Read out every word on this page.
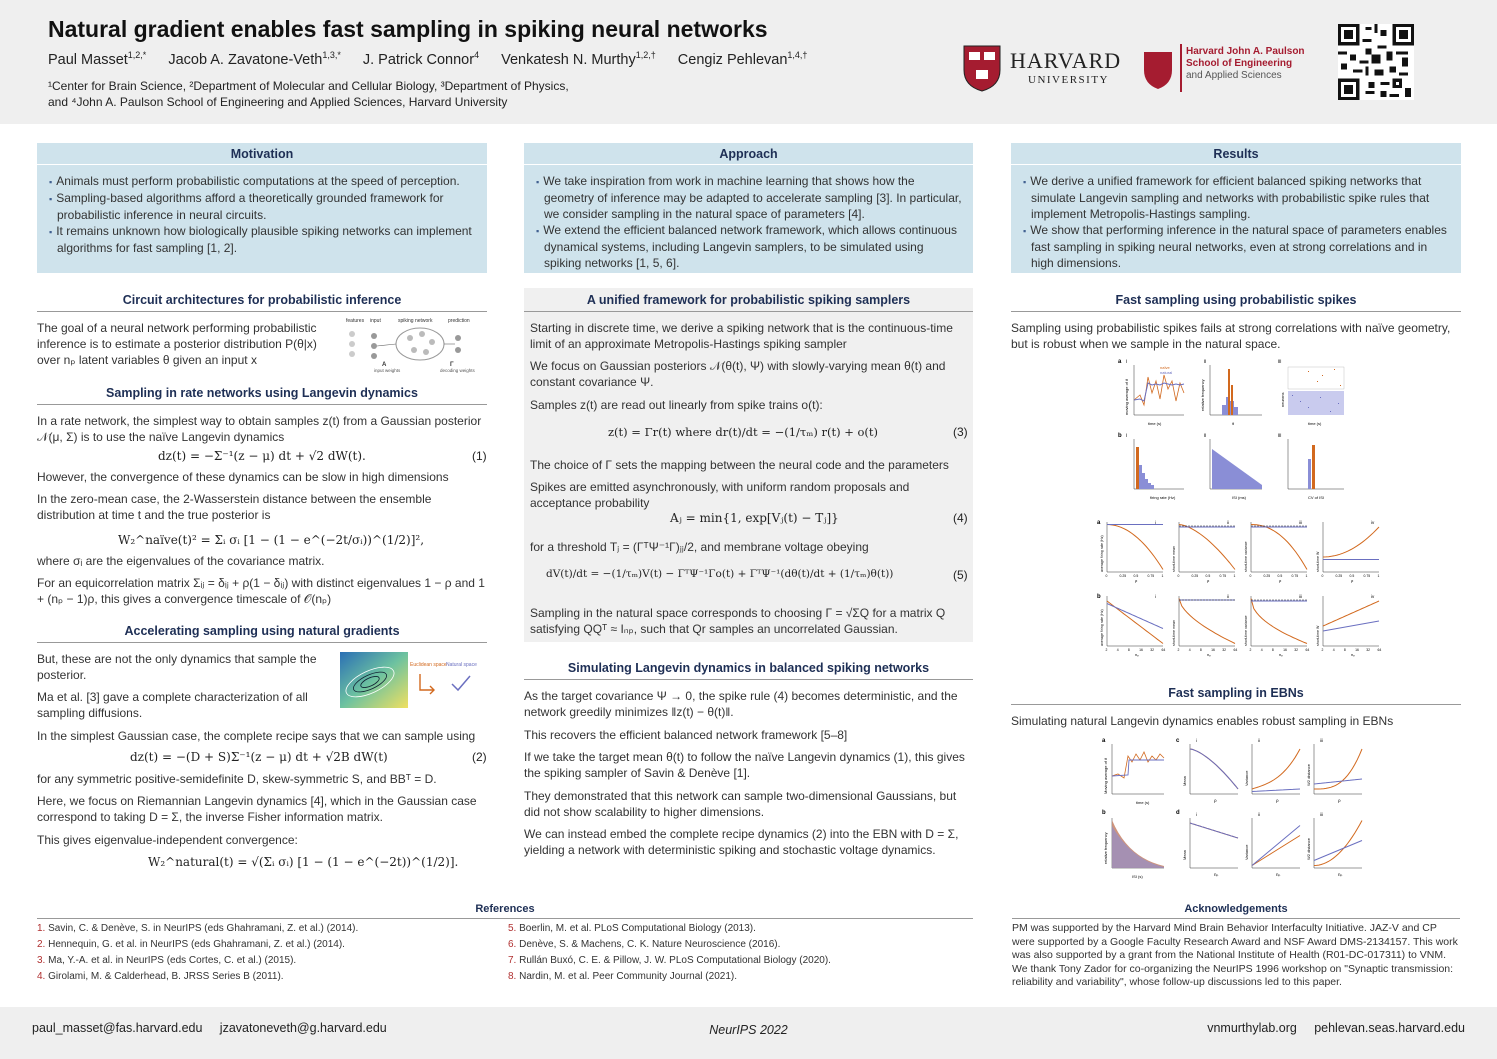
Natural gradient enables fast sampling in spiking neural networks
Paul Masset$^{1,2,*}$ Jacob A. Zavatone-Veth$^{1,3,*}$ J. Patrick Connor$^4$ Venkatesh N. Murthy$^{1,2,\dagger}$ Cengiz Pehlevan$^{1,4,\dagger}$
¹Center for Brain Science, ²Department of Molecular and Cellular Biology, ³Department of Physics,
and ⁴John A. Paulson School of Engineering and Applied Sciences, Harvard University
HARVARD
UNIVERSITY
Harvard John A. Paulson
School of Engineering
and Applied Sciences
Motivation
▪ Animals must perform probabilistic computations at the speed of perception.
▪ Sampling-based algorithms afford a theoretically grounded framework for probabilistic inference in neural circuits.
▪ It remains unknown how biologically plausible spiking networks can implement algorithms for fast sampling [1, 2].
Approach
▪ We take inspiration from work in machine learning that shows how the geometry of inference may be adapted to accelerate sampling [3]. In particular, we consider sampling in the natural space of parameters [4].
▪ We extend the efficient balanced network framework, which allows continuous dynamical systems, including Langevin samplers, to be simulated using spiking networks [1, 5, 6].
Results
▪ We derive a unified framework for efficient balanced spiking networks that simulate Langevin sampling and networks with probabilistic spike rules that implement Metropolis-Hastings sampling.
▪ We show that performing inference in the natural space of parameters enables fast sampling in spiking neural networks, even at strong correlations and in high dimensions.
Circuit architectures for probabilistic inference
The goal of a neural network performing probabilistic inference is to estimate a posterior distribution P(θ|x) over nₚ latent variables θ given an input x
features input	spiking network	prediction
A
input weights
Γ
decoding weights
Sampling in rate networks using Langevin dynamics
In a rate network, the simplest way to obtain samples z(t) from a Gaussian posterior 𝒩(μ, Σ) is to use the naïve Langevin dynamics
dz(t) = −Σ⁻¹(z − μ) dt + √2 dW(t).	(1)
However, the convergence of these dynamics can be slow in high dimensions
In the zero-mean case, the 2-Wasserstein distance between the ensemble distribution at time t and the true posterior is
W₂^naïve(t)² = Σᵢ σᵢ [1 − (1 − e^(−2t/σᵢ))^(1/2)]²,
where σᵢ are the eigenvalues of the covariance matrix.
For an equicorrelation matrix Σᵢⱼ = δᵢⱼ + ρ(1 − δᵢⱼ) with distinct eigenvalues 1 − ρ and 1 + (nₚ − 1)ρ, this gives a convergence timescale of 𝒪(nₚ)
Accelerating sampling using natural gradients
But, these are not the only dynamics that sample the posterior.
Ma et al. [3] gave a complete characterization of all sampling diffusions.
Euclidean space Natural space
In the simplest Gaussian case, the complete recipe says that we can sample using
dz(t) = −(D + S)Σ⁻¹(z − μ) dt + √2B dW(t)	(2)
for any symmetric positive-semidefinite D, skew-symmetric S, and BBᵀ = D.
Here, we focus on Riemannian Langevin dynamics [4], which in the Gaussian case correspond to taking D = Σ, the inverse Fisher information matrix.
This gives eigenvalue-independent convergence:
W₂^natural(t) = √(Σᵢ σᵢ) [1 − (1 − e^(−2t))^(1/2)].
A unified framework for probabilistic spiking samplers
Starting in discrete time, we derive a spiking network that is the continuous-time limit of an approximate Metropolis-Hastings spiking sampler
We focus on Gaussian posteriors 𝒩(θ(t), Ψ) with slowly-varying mean θ(t) and constant covariance Ψ.
Samples z(t) are read out linearly from spike trains o(t):
z(t) = Γr(t) where dr(t)/dt = −(1/τₘ) r(t) + o(t)	(3)
The choice of Γ sets the mapping between the neural code and the parameters
Spikes are emitted asynchronously, with uniform random proposals and acceptance probability
Aⱼ = min{1, exp[Vⱼ(t) − Tⱼ]}	(4)
for a threshold Tⱼ = (ΓᵀΨ⁻¹Γ)ⱼⱼ/2, and membrane voltage obeying
dV(t)/dt = −(1/τₘ)V(t) − ΓᵀΨ⁻¹Γo(t) + ΓᵀΨ⁻¹(dθ(t)/dt + (1/τₘ)θ(t))	(5)
Sampling in the natural space corresponds to choosing Γ = √ΣQ for a matrix Q satisfying QQᵀ ≈ Iₙₚ, such that Qr samples an uncorrelated Gaussian.
Simulating Langevin dynamics in balanced spiking networks
As the target covariance Ψ → 0, the spike rule (4) becomes deterministic, and the network greedily minimizes ‖z(t) − θ(t)‖.
This recovers the efficient balanced network framework [5–8]
If we take the target mean θ(t) to follow the naïve Langevin dynamics (1), this gives the spiking sampler of Savin & Denève [1].
They demonstrated that this network can sample two-dimensional Gaussians, but did not show scalability to higher dimensions.
We can instead embed the complete recipe dynamics (2) into the EBN with D = Σ, yielding a network with deterministic spiking and stochastic voltage dynamics.
Fast sampling using probabilistic spikes
Sampling using probabilistic spikes fails at strong correlations with naïve geometry, but is robust when we sample in the natural space.
a
b
i
naïve
natural
time (s)
moving average of θ
ii
θ
relative frequency
iii
time (s)
neurons
i
firing rate (Hz)
ii
ISI (ms)
iii
CV of ISI
a
b
i
average firing rate (Hz)
0	0.25 0.5	0.75 1
ρ
ii
short-time mean
0	0.25 0.5	0.75 1
ρ
iii
short-time variance
0	0.25 0.5	0.75 1
ρ
iv
short-time W
0	0.25 0.5	0.75 1
ρ
i
average firing rate (Hz)
2	4	8	16 32 64
nₚ
ii
short-time mean
2	4	8	16 32 64
nₚ
iii
short-time variance
2	4	8	16 32 64
nₚ
iv
short-time W
2	4	8	16 32 64
nₚ
Fast sampling in EBNs
Simulating natural Langevin dynamics enables robust sampling in EBNs
a
b
c
d
time (s)
Moving average of θ
ISI (s)
relative frequency
i
Mean
ρ
ii
Variance
ρ
iii
W2 distance
ρ
i
Mean
nₚ
ii
Variance
nₚ
iii
W2 distance
nₚ
References
1. Savin, C. & Denève, S. in NeurIPS (eds Ghahramani, Z. et al.) (2014).
2. Hennequin, G. et al. in NeurIPS (eds Ghahramani, Z. et al.) (2014).
3. Ma, Y.-A. et al. in NeurIPS (eds Cortes, C. et al.) (2015).
4. Girolami, M. & Calderhead, B. JRSS Series B (2011).
5. Boerlin, M. et al. PLoS Computational Biology (2013).
6. Denève, S. & Machens, C. K. Nature Neuroscience (2016).
7. Rullán Buxó, C. E. & Pillow, J. W. PLoS Computational Biology (2020).
8. Nardin, M. et al. Peer Community Journal (2021).
Acknowledgements
PM was supported by the Harvard Mind Brain Behavior Interfaculty Initiative. JAZ-V and CP were supported by a Google Faculty Research Award and NSF Award DMS-2134157. This work was also supported by a grant from the National Institute of Health (R01-DC-017311) to VNM. We thank Tony Zador for co-organizing the NeurIPS 1996 workshop on "Synaptic transmission: reliability and variability", whose follow-up discussions led to this paper.
paul_masset@fas.harvard.edu     jzavatoneveth@g.harvard.edu	NeurIPS 2022	vnmurthylab.org     pehlevan.seas.harvard.edu
